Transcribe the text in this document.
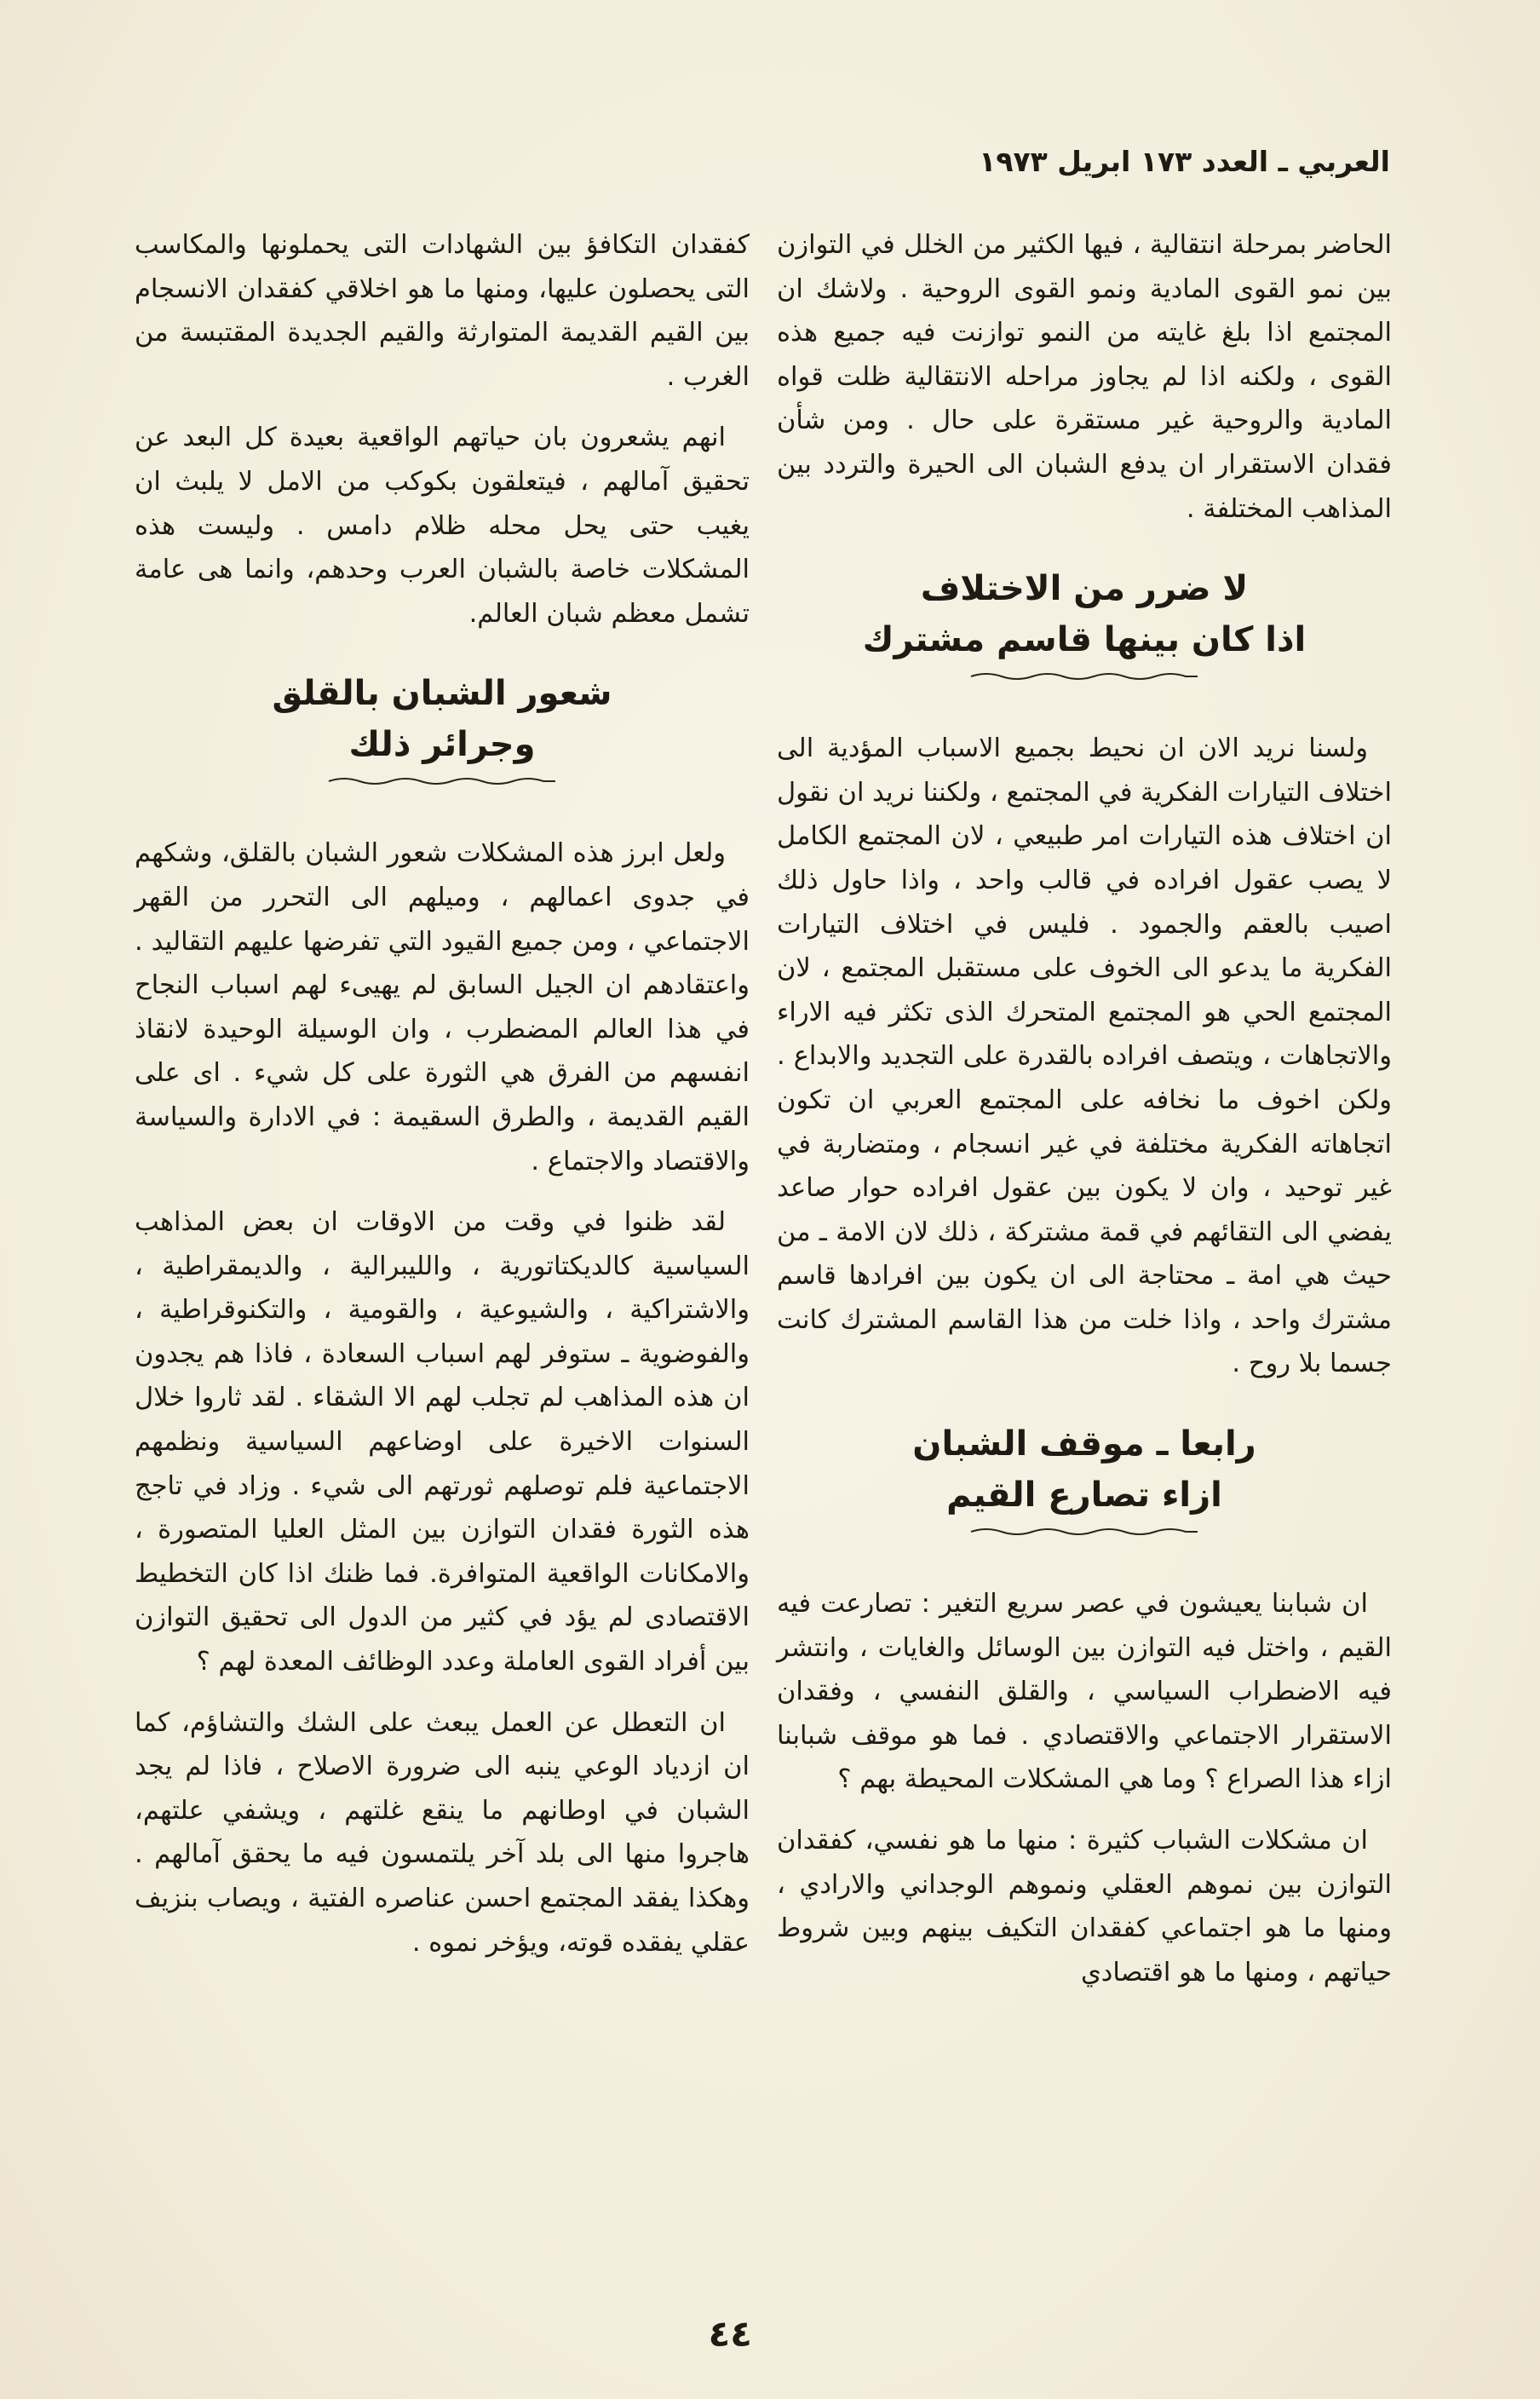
العربي ـ العدد ١٧٣ ابريل ١٩٧٣

الحاضر بمرحلة انتقالية ، فيها الكثير من الخلل في التوازن بين نمو القوى المادية ونمو القوى الروحية . ولاشك ان المجتمع اذا بلغ غايته من النمو توازنت فيه جميع هذه القوى ، ولكنه اذا لم يجاوز مراحله الانتقالية ظلت قواه المادية والروحية غير مستقرة على حال . ومن شأن فقدان الاستقرار ان يدفع الشبان الى الحيرة والتردد بين المذاهب المختلفة .

لا ضرر من الاختلاف
اذا كان بينها قاسم مشترك

ولسنا نريد الان ان نحيط بجميع الاسباب المؤدية الى اختلاف التيارات الفكرية في المجتمع ، ولكننا نريد ان نقول ان اختلاف هذه التيارات امر طبيعي ، لان المجتمع الكامل لا يصب عقول افراده في قالب واحد ، واذا حاول ذلك اصيب بالعقم والجمود . فليس في اختلاف التيارات الفكرية ما يدعو الى الخوف على مستقبل المجتمع ، لان المجتمع الحي هو المجتمع المتحرك الذى تكثر فيه الاراء والاتجاهات ، ويتصف افراده بالقدرة على التجديد والابداع . ولكن اخوف ما نخافه على المجتمع العربي ان تكون اتجاهاته الفكرية مختلفة في غير انسجام ، ومتضاربة في غير توحيد ، وان لا يكون بين عقول افراده حوار صاعد يفضي الى التقائهم في قمة مشتركة ، ذلك لان الامة ـ من حيث هي امة ـ محتاجة الى ان يكون بين افرادها قاسم مشترك واحد ، واذا خلت من هذا القاسم المشترك كانت جسما بلا روح .

رابعا ـ موقف الشبان
ازاء تصارع القيم

ان شبابنا يعيشون في عصر سريع التغير : تصارعت فيه القيم ، واختل فيه التوازن بين الوسائل والغايات ، وانتشر فيه الاضطراب السياسي ، والقلق النفسي ، وفقدان الاستقرار الاجتماعي والاقتصادي . فما هو موقف شبابنا ازاء هذا الصراع ؟ وما هي المشكلات المحيطة بهم ؟

ان مشكلات الشباب كثيرة : منها ما هو نفسي، كفقدان التوازن بين نموهم العقلي ونموهم الوجداني والارادي ، ومنها ما هو اجتماعي كفقدان التكيف بينهم وبين شروط حياتهم ، ومنها ما هو اقتصادي

كفقدان التكافؤ بين الشهادات التى يحملونها والمكاسب التى يحصلون عليها، ومنها ما هو اخلاقي كفقدان الانسجام بين القيم القديمة المتوارثة والقيم الجديدة المقتبسة من الغرب .

انهم يشعرون بان حياتهم الواقعية بعيدة كل البعد عن تحقيق آمالهم ، فيتعلقون بكوكب من الامل لا يلبث ان يغيب حتى يحل محله ظلام دامس . وليست هذه المشكلات خاصة بالشبان العرب وحدهم، وانما هى عامة تشمل معظم شبان العالم.

شعور الشبان بالقلق
وجرائر ذلك

ولعل ابرز هذه المشكلات شعور الشبان بالقلق، وشكهم في جدوى اعمالهم ، وميلهم الى التحرر من القهر الاجتماعي ، ومن جميع القيود التي تفرضها عليهم التقاليد . واعتقادهم ان الجيل السابق لم يهيىء لهم اسباب النجاح في هذا العالم المضطرب ، وان الوسيلة الوحيدة لانقاذ انفسهم من الفرق هي الثورة على كل شيء . اى على القيم القديمة ، والطرق السقيمة : في الادارة والسياسة والاقتصاد والاجتماع .

لقد ظنوا في وقت من الاوقات ان بعض المذاهب السياسية كالديكتاتورية ، والليبرالية ، والديمقراطية ، والاشتراكية ، والشيوعية ، والقومية ، والتكنوقراطية ، والفوضوية ـ ستوفر لهم اسباب السعادة ، فاذا هم يجدون ان هذه المذاهب لم تجلب لهم الا الشقاء . لقد ثاروا خلال السنوات الاخيرة على اوضاعهم السياسية ونظمهم الاجتماعية فلم توصلهم ثورتهم الى شيء . وزاد في تاجج هذه الثورة فقدان التوازن بين المثل العليا المتصورة ، والامكانات الواقعية المتوافرة. فما ظنك اذا كان التخطيط الاقتصادى لم يؤد في كثير من الدول الى تحقيق التوازن بين أفراد القوى العاملة وعدد الوظائف المعدة لهم ؟

ان التعطل عن العمل يبعث على الشك والتشاؤم، كما ان ازدياد الوعي ينبه الى ضرورة الاصلاح ، فاذا لم يجد الشبان في اوطانهم ما ينقع غلتهم ، ويشفي علتهم، هاجروا منها الى بلد آخر يلتمسون فيه ما يحقق آمالهم . وهكذا يفقد المجتمع احسن عناصره الفتية ، ويصاب بنزيف عقلي يفقده قوته، ويؤخر نموه .

٤٤
